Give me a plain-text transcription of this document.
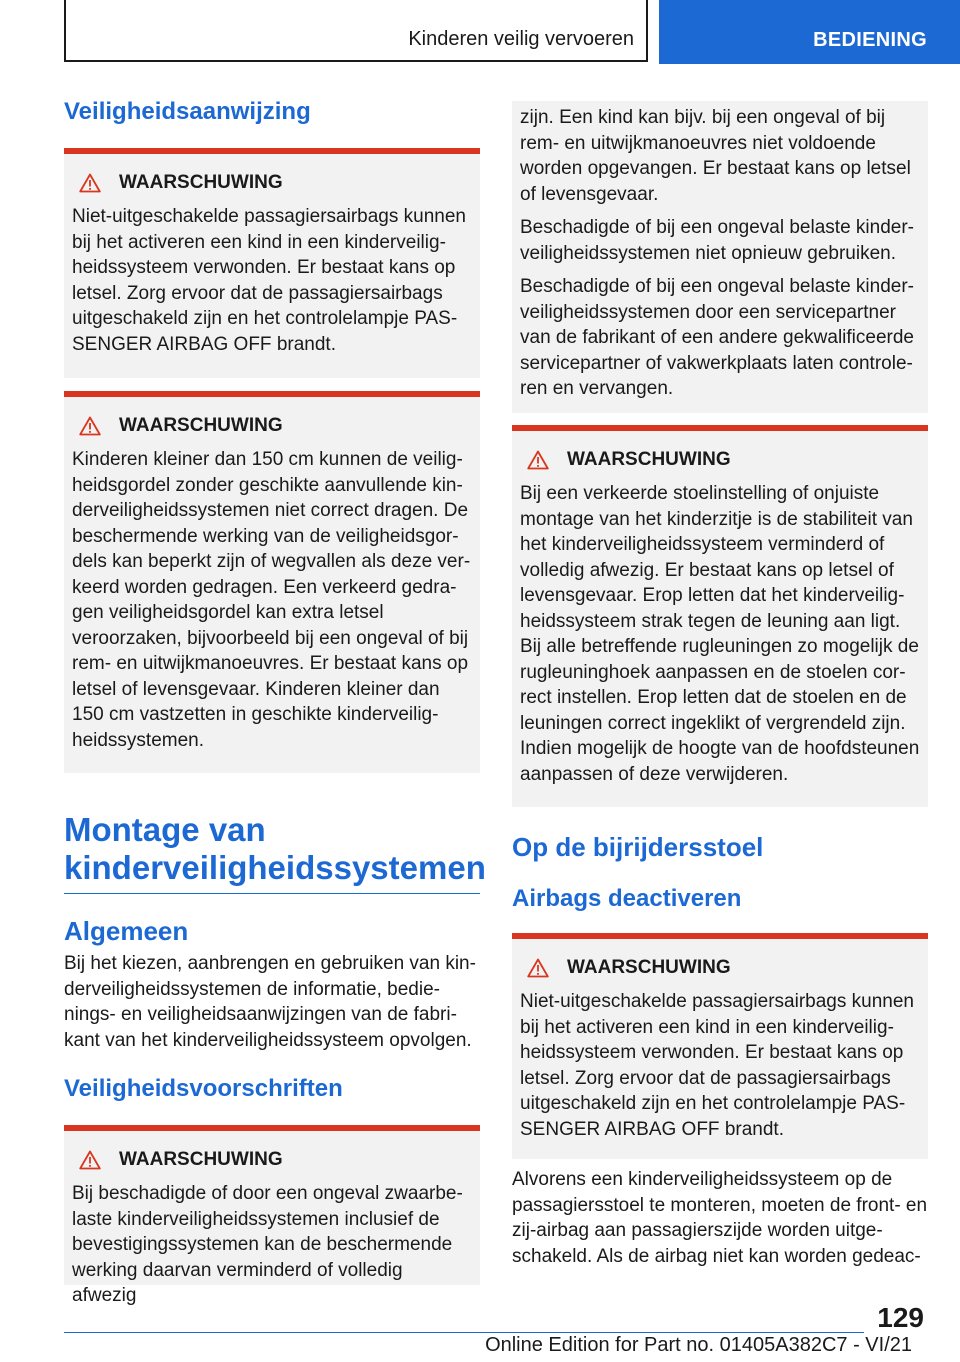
Kinderen veilig vervoeren	BEDIENING
Veiligheidsaanwijzing
WAARSCHUWING

Niet-uitgeschakelde passagiersairbags kunnen bij het activeren een kind in een kinderveiligheidssysteem verwonden. Er bestaat kans op letsel. Zorg ervoor dat de passagiersairbags uitgeschakeld zijn en het controlelampje PASSENGER AIRBAG OFF brandt.

WAARSCHUWING

Kinderen kleiner dan 150 cm kunnen de veiligheidsgordel zonder geschikte aanvullende kinderveiligheidssystemen niet correct dragen. De beschermende werking van de veiligheidsgordels kan beperkt zijn of wegvallen als deze verkeerd worden gedragen. Een verkeerd gedragen veiligheidsgordel kan extra letsel veroorzaken, bijvoorbeeld bij een ongeval of bij rem- en uitwijkmanoeuvres. Er bestaat kans op letsel of levensgevaar. Kinderen kleiner dan 150 cm vastzetten in geschikte kinderveiligheidssystemen.

Montage van kinderveiligheidssystemen
Algemeen

Bij het kiezen, aanbrengen en gebruiken van kinderveiligheidssystemen de informatie, bedienings- en veiligheidsaanwijzingen van de fabrikant van het kinderveiligheidssysteem opvolgen.

Veiligheidsvoorschriften
WAARSCHUWING

Bij beschadigde of door een ongeval zwaarbelaste kinderveiligheidssystemen inclusief de bevestigingssystemen kan de beschermende werking daarvan verminderd of volledig afwezig

zijn. Een kind kan bijv. bij een ongeval of bij rem- en uitwijkmanoeuvres niet voldoende worden opgevangen. Er bestaat kans op letsel of levensgevaar.

Beschadigde of bij een ongeval belaste kinderveiligheidssystemen niet opnieuw gebruiken.

Beschadigde of bij een ongeval belaste kinderveiligheidssystemen door een servicepartner van de fabrikant of een andere gekwalificeerde servicepartner of vakwerkplaats laten controleren en vervangen.

WAARSCHUWING

Bij een verkeerde stoelinstelling of onjuiste montage van het kinderzitje is de stabiliteit van het kinderveiligheidssysteem verminderd of volledig afwezig. Er bestaat kans op letsel of levensgevaar. Erop letten dat het kinderveiligheidssysteem strak tegen de leuning aan ligt. Bij alle betreffende rugleuningen zo mogelijk de rugleuninghoek aanpassen en de stoelen correct instellen. Erop letten dat de stoelen en de leuningen correct ingeklikt of vergrendeld zijn. Indien mogelijk de hoogte van de hoofdsteunen aanpassen of deze verwijderen.

Op de bijrijdersstoel
Airbags deactiveren
WAARSCHUWING

Niet-uitgeschakelde passagiersairbags kunnen bij het activeren een kind in een kinderveiligheidssysteem verwonden. Er bestaat kans op letsel. Zorg ervoor dat de passagiersairbags uitgeschakeld zijn en het controlelampje PASSENGER AIRBAG OFF brandt.

Alvorens een kinderveiligheidssysteem op de passagiersstoel te monteren, moeten de front- en zij-airbag aan passagierszijde worden uitgeschakeld. Als de airbag niet kan worden gedeac-

129
Online Edition for Part no. 01405A382C7 - VI/21
